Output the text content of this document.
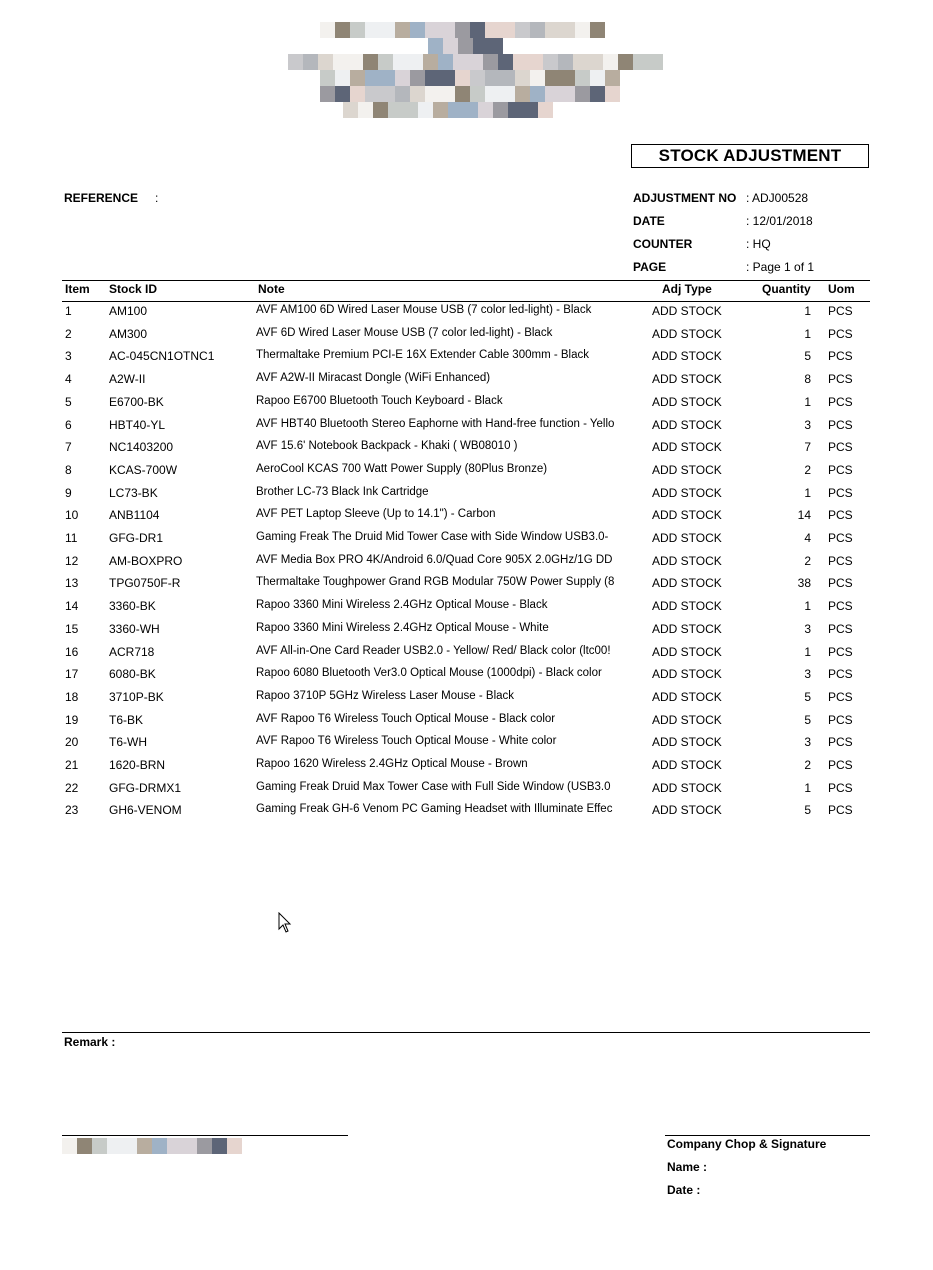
STOCK ADJUSTMENT
REFERENCE :	ADJUSTMENT NO : ADJ00528
DATE	: 12/01/2018
COUNTER	: HQ
PAGE	: Page 1 of 1
Item Stock ID	Note	Adj Type	Quantity Uom
1	AM100	AVF AM100 6D Wired Laser Mouse USB (7 color led-light) - Black	ADD STOCK	1 PCS
2	AM300	AVF 6D Wired Laser Mouse USB (7 color led-light) - Black	ADD STOCK	1 PCS
3	AC-045CN1OTNC1	Thermaltake Premium PCI-E 16X Extender Cable 300mm - Black	ADD STOCK	5 PCS
4	A2W-II	AVF A2W-II Miracast Dongle (WiFi Enhanced)	ADD STOCK	8 PCS
5	E6700-BK	Rapoo E6700 Bluetooth Touch Keyboard - Black	ADD STOCK	1 PCS
6	HBT40-YL	AVF HBT40 Bluetooth Stereo Eaphorne with Hand-free function - Yello	ADD STOCK	3 PCS
7	NC1403200	AVF 15.6' Notebook Backpack - Khaki ( WB08010 )	ADD STOCK	7 PCS
8	KCAS-700W	AeroCool KCAS 700 Watt Power Supply (80Plus Bronze)	ADD STOCK	2 PCS
9	LC73-BK	Brother LC-73 Black Ink Cartridge	ADD STOCK	1 PCS
10	ANB1104	AVF PET Laptop Sleeve (Up to 14.1") - Carbon	ADD STOCK	14 PCS
11	GFG-DR1	Gaming Freak The Druid Mid Tower Case with Side Window USB3.0-	ADD STOCK	4 PCS
12	AM-BOXPRO	AVF Media Box PRO 4K/Android 6.0/Quad Core 905X 2.0GHz/1G DD	ADD STOCK	2 PCS
13	TPG0750F-R	Thermaltake Toughpower Grand RGB Modular 750W Power Supply (8	ADD STOCK	38 PCS
14	3360-BK	Rapoo 3360 Mini Wireless 2.4GHz Optical Mouse - Black	ADD STOCK	1 PCS
15	3360-WH	Rapoo 3360 Mini Wireless 2.4GHz Optical Mouse - White	ADD STOCK	3 PCS
16	ACR718	AVF All-in-One Card Reader USB2.0 - Yellow/ Red/ Black color (ltc00!	ADD STOCK	1 PCS
17	6080-BK	Rapoo 6080 Bluetooth Ver3.0 Optical Mouse (1000dpi) - Black color	ADD STOCK	3 PCS
18	3710P-BK	Rapoo 3710P 5GHz Wireless Laser Mouse - Black	ADD STOCK	5 PCS
19	T6-BK	AVF Rapoo T6 Wireless Touch Optical Mouse - Black color	ADD STOCK	5 PCS
20	T6-WH	AVF Rapoo T6 Wireless Touch Optical Mouse - White color	ADD STOCK	3 PCS
21	1620-BRN	Rapoo 1620 Wireless 2.4GHz Optical Mouse - Brown	ADD STOCK	2 PCS
22	GFG-DRMX1	Gaming Freak Druid Max Tower Case with Full Side Window (USB3.0	ADD STOCK	1 PCS
23	GH6-VENOM	Gaming Freak GH-6 Venom PC Gaming Headset with Illuminate Effec	ADD STOCK	5 PCS
Remark :
Company Chop & Signature
Name :
Date :
